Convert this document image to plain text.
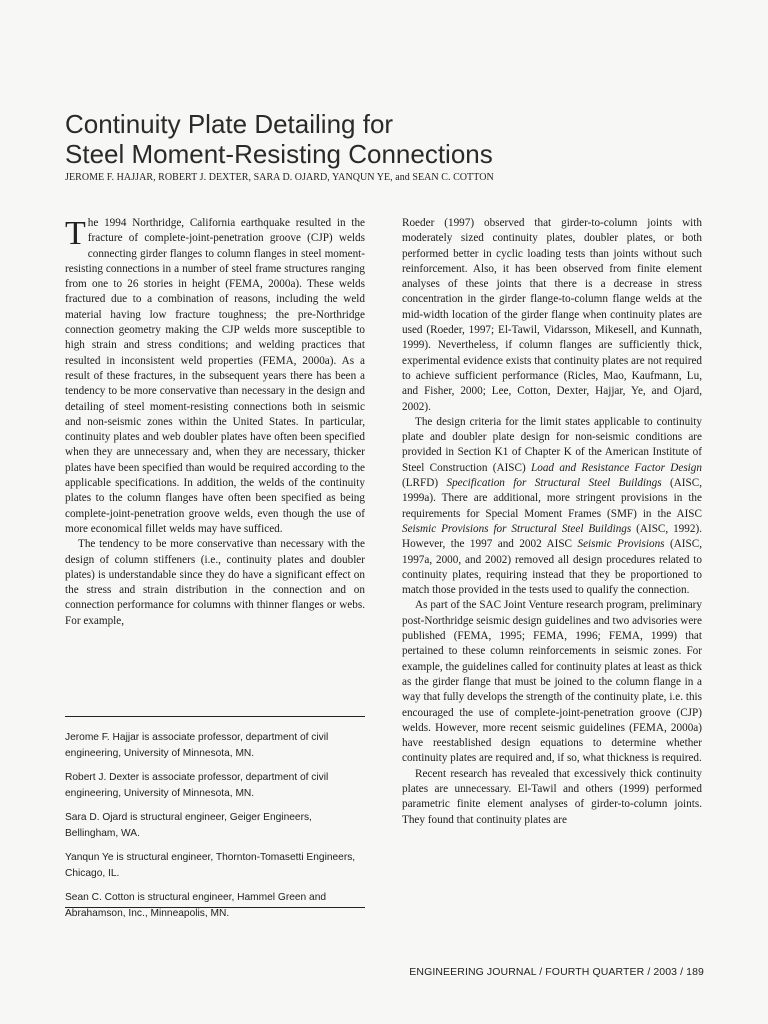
Continuity Plate Detailing for
Steel Moment-Resisting Connections
JEROME F. HAJJAR, ROBERT J. DEXTER, SARA D. OJARD, YANQUN YE, and SEAN C. COTTON

The 1994 Northridge, California earthquake resulted in the fracture of complete-joint-penetration groove (CJP) welds connecting girder flanges to column flanges in steel moment-resisting connections in a number of steel frame structures ranging from one to 26 stories in height (FEMA, 2000a). These welds fractured due to a combination of reasons, including the weld material having low fracture toughness; the pre-Northridge connection geometry making the CJP welds more susceptible to high strain and stress conditions; and welding practices that resulted in inconsistent weld properties (FEMA, 2000a). As a result of these fractures, in the subsequent years there has been a tendency to be more conservative than necessary in the design and detailing of steel moment-resisting connections both in seismic and non-seismic zones within the United States. In particular, continuity plates and web doubler plates have often been specified when they are unnecessary and, when they are necessary, thicker plates have been specified than would be required according to the applicable specifications. In addition, the welds of the continuity plates to the column flanges have often been specified as being complete-joint-penetration groove welds, even though the use of more economical fillet welds may have sufficed.

The tendency to be more conservative than necessary with the design of column stiffeners (i.e., continuity plates and doubler plates) is understandable since they do have a significant effect on the stress and strain distribution in the connection and on connection performance for columns with thinner flanges or webs. For example,

Roeder (1997) observed that girder-to-column joints with moderately sized continuity plates, doubler plates, or both performed better in cyclic loading tests than joints without such reinforcement. Also, it has been observed from finite element analyses of these joints that there is a decrease in stress concentration in the girder flange-to-column flange welds at the mid-width location of the girder flange when continuity plates are used (Roeder, 1997; El-Tawil, Vidarsson, Mikesell, and Kunnath, 1999). Nevertheless, if column flanges are sufficiently thick, experimental evidence exists that continuity plates are not required to achieve sufficient performance (Ricles, Mao, Kaufmann, Lu, and Fisher, 2000; Lee, Cotton, Dexter, Hajjar, Ye, and Ojard, 2002).

The design criteria for the limit states applicable to continuity plate and doubler plate design for non-seismic conditions are provided in Section K1 of Chapter K of the American Institute of Steel Construction (AISC) Load and Resistance Factor Design (LRFD) Specification for Structural Steel Buildings (AISC, 1999a). There are additional, more stringent provisions in the requirements for Special Moment Frames (SMF) in the AISC Seismic Provisions for Structural Steel Buildings (AISC, 1992). However, the 1997 and 2002 AISC Seismic Provisions (AISC, 1997a, 2000, and 2002) removed all design procedures related to continuity plates, requiring instead that they be proportioned to match those provided in the tests used to qualify the connection.

As part of the SAC Joint Venture research program, preliminary post-Northridge seismic design guidelines and two advisories were published (FEMA, 1995; FEMA, 1996; FEMA, 1999) that pertained to these column reinforcements in seismic zones. For example, the guidelines called for continuity plates at least as thick as the girder flange that must be joined to the column flange in a way that fully develops the strength of the continuity plate, i.e. this encouraged the use of complete-joint-penetration groove (CJP) welds. However, more recent seismic guidelines (FEMA, 2000a) have reestablished design equations to determine whether continuity plates are required and, if so, what thickness is required.

Recent research has revealed that excessively thick continuity plates are unnecessary. El-Tawil and others (1999) performed parametric finite element analyses of girder-to-column joints. They found that continuity plates are

Jerome F. Hajjar is associate professor, department of civil engineering, University of Minnesota, MN.

Robert J. Dexter is associate professor, department of civil engineering, University of Minnesota, MN.

Sara D. Ojard is structural engineer, Geiger Engineers, Bellingham, WA.

Yanqun Ye is structural engineer, Thornton-Tomasetti Engineers, Chicago, IL.

Sean C. Cotton is structural engineer, Hammel Green and Abrahamson, Inc., Minneapolis, MN.

ENGINEERING JOURNAL / FOURTH QUARTER / 2003 / 189
